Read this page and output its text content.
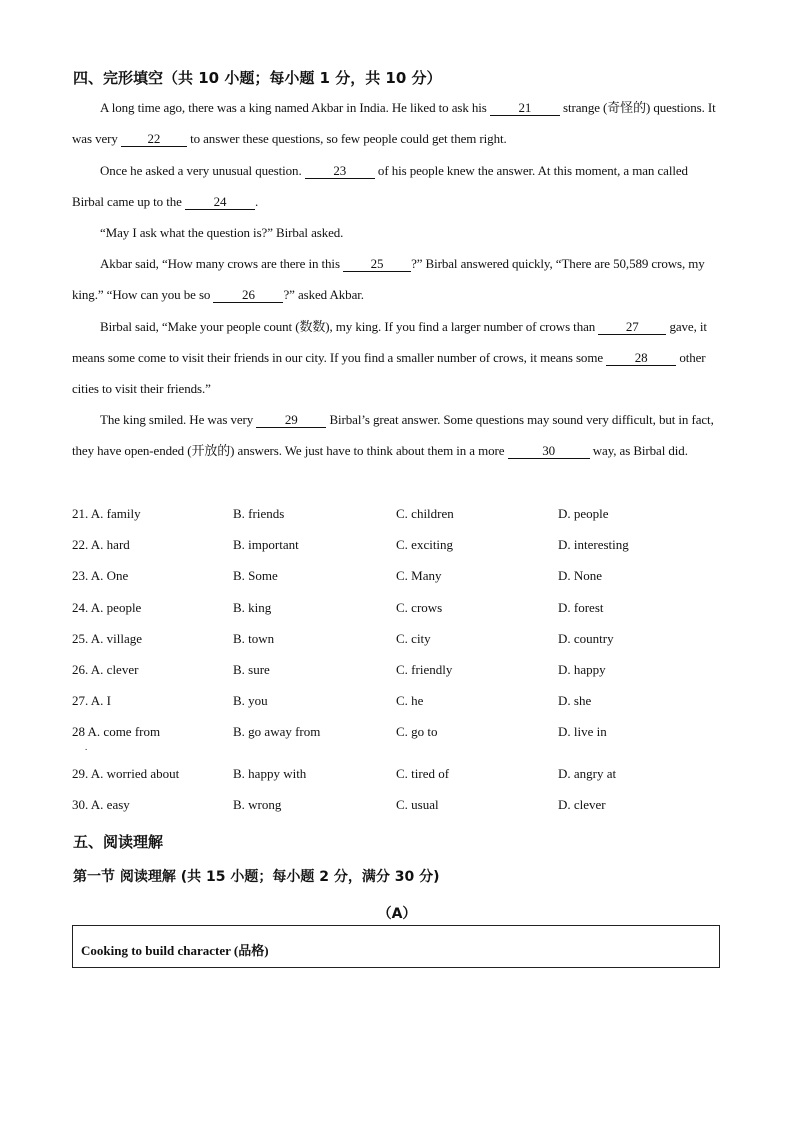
四、完形填空（共 10 小题；每小题 1 分，共 10 分）

A long time ago, there was a king named Akbar in India. He liked to ask his 21 strange (奇怪的) questions. It was very 22 to answer these questions, so few people could get them right.

Once he asked a very unusual question. 23 of his people knew the answer. At this moment, a man called Birbal came up to the 24 .

“May I ask what the question is?” Birbal asked.

Akbar said, “How many crows are there in this 25 ?” Birbal answered quickly, “There are 50,589 crows, my king.” “How can you be so 26 ?” asked Akbar.

Birbal said, “Make your people count (数数), my king. If you find a larger number of crows than 27 gave, it means some come to visit their friends in our city. If you find a smaller number of crows, it means some 28 other cities to visit their friends.”

The king smiled. He was very 29 Birbal’s great answer. Some questions may sound very difficult, but in fact, they have open-ended (开放的) answers. We just have to think about them in a more	30	way, as Birbal did.

21. A. family	B. friends	C. children	D. people
22. A. hard	B. important	C. exciting	D. interesting
23. A. One	B. Some	C. Many	D. None
24. A. people	B. king	C. crows	D. forest
25. A. village	B. town	C. city	D. country
26. A. clever	B. sure	C. friendly	D. happy
27. A. I	B. you	C. he	D. she
28 A. come from	B. go away from	C. go to	D. live in
.
29. A. worried about	B. happy with	C. tired of	D. angry at
30. A. easy	B. wrong	C. usual	D. clever
五、阅读理解
第一节 阅读理解 (共 15 小题；每小题 2 分，满分 30 分)
（A）
Cooking to build character (品格)
